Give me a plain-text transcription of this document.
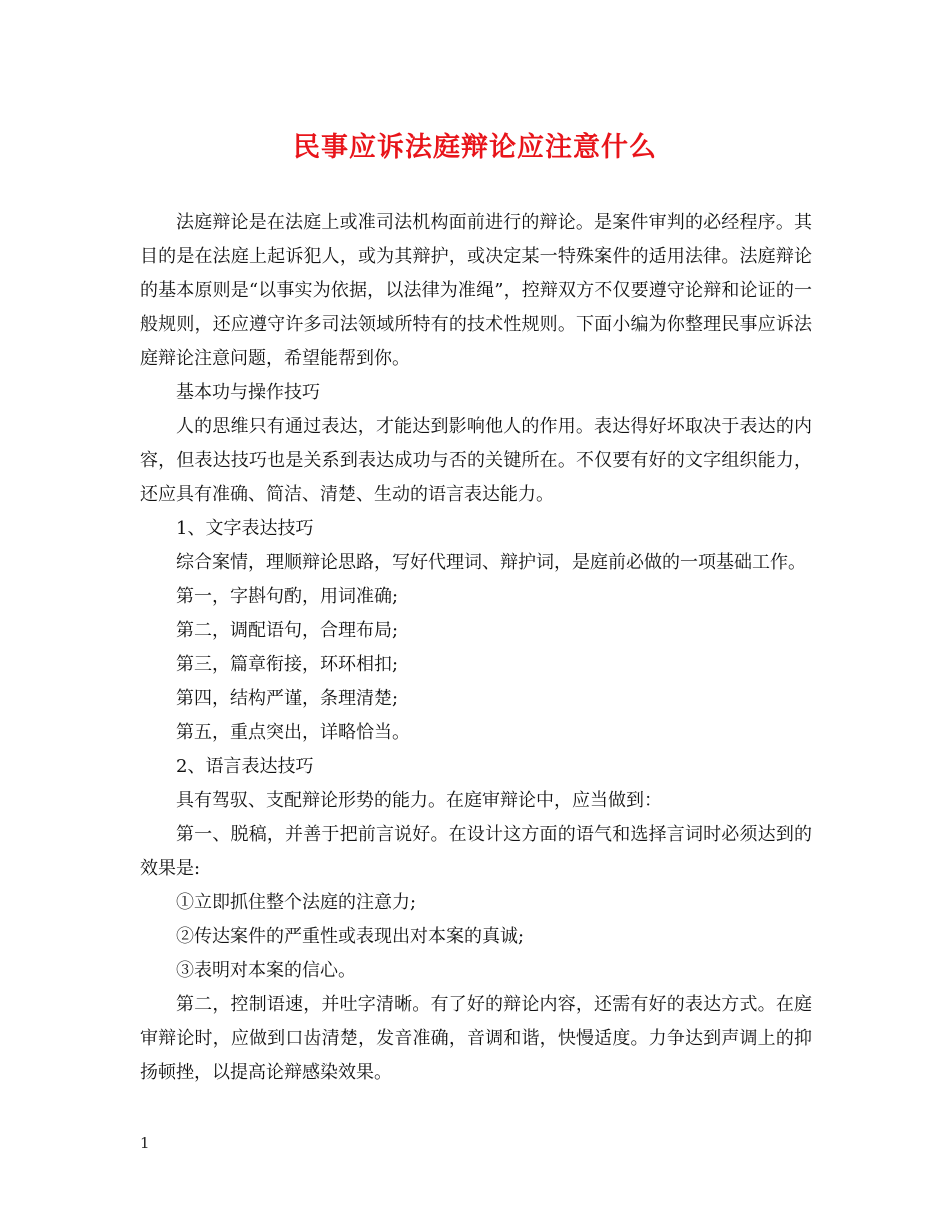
民事应诉法庭辩论应注意什么

法庭辩论是在法庭上或准司法机构面前进行的辩论。是案件审判的必经程序。其目的是在法庭上起诉犯人，或为其辩护，或决定某一特殊案件的适用法律。法庭辩论的基本原则是“以事实为依据，以法律为准绳”，控辩双方不仅要遵守论辩和论证的一般规则，还应遵守许多司法领域所特有的技术性规则。下面小编为你整理民事应诉法庭辩论注意问题，希望能帮到你。

基本功与操作技巧

人的思维只有通过表达，才能达到影响他人的作用。表达得好坏取决于表达的内容，但表达技巧也是关系到表达成功与否的关键所在。不仅要有好的文字组织能力，还应具有准确、简洁、清楚、生动的语言表达能力。

1、文字表达技巧

综合案情，理顺辩论思路，写好代理词、辩护词，是庭前必做的一项基础工作。

第一，字斟句酌，用词准确;

第二，调配语句，合理布局;

第三，篇章衔接，环环相扣;

第四，结构严谨，条理清楚;

第五，重点突出，详略恰当。

2、语言表达技巧

具有驾驭、支配辩论形势的能力。在庭审辩论中，应当做到：

第一、脱稿，并善于把前言说好。在设计这方面的语气和选择言词时必须达到的效果是:

①立即抓住整个法庭的注意力;

②传达案件的严重性或表现出对本案的真诚;

③表明对本案的信心。

第二，控制语速，并吐字清晰。有了好的辩论内容，还需有好的表达方式。在庭审辩论时，应做到口齿清楚，发音准确，音调和谐，快慢适度。力争达到声调上的抑扬顿挫，以提高论辩感染效果。

1
